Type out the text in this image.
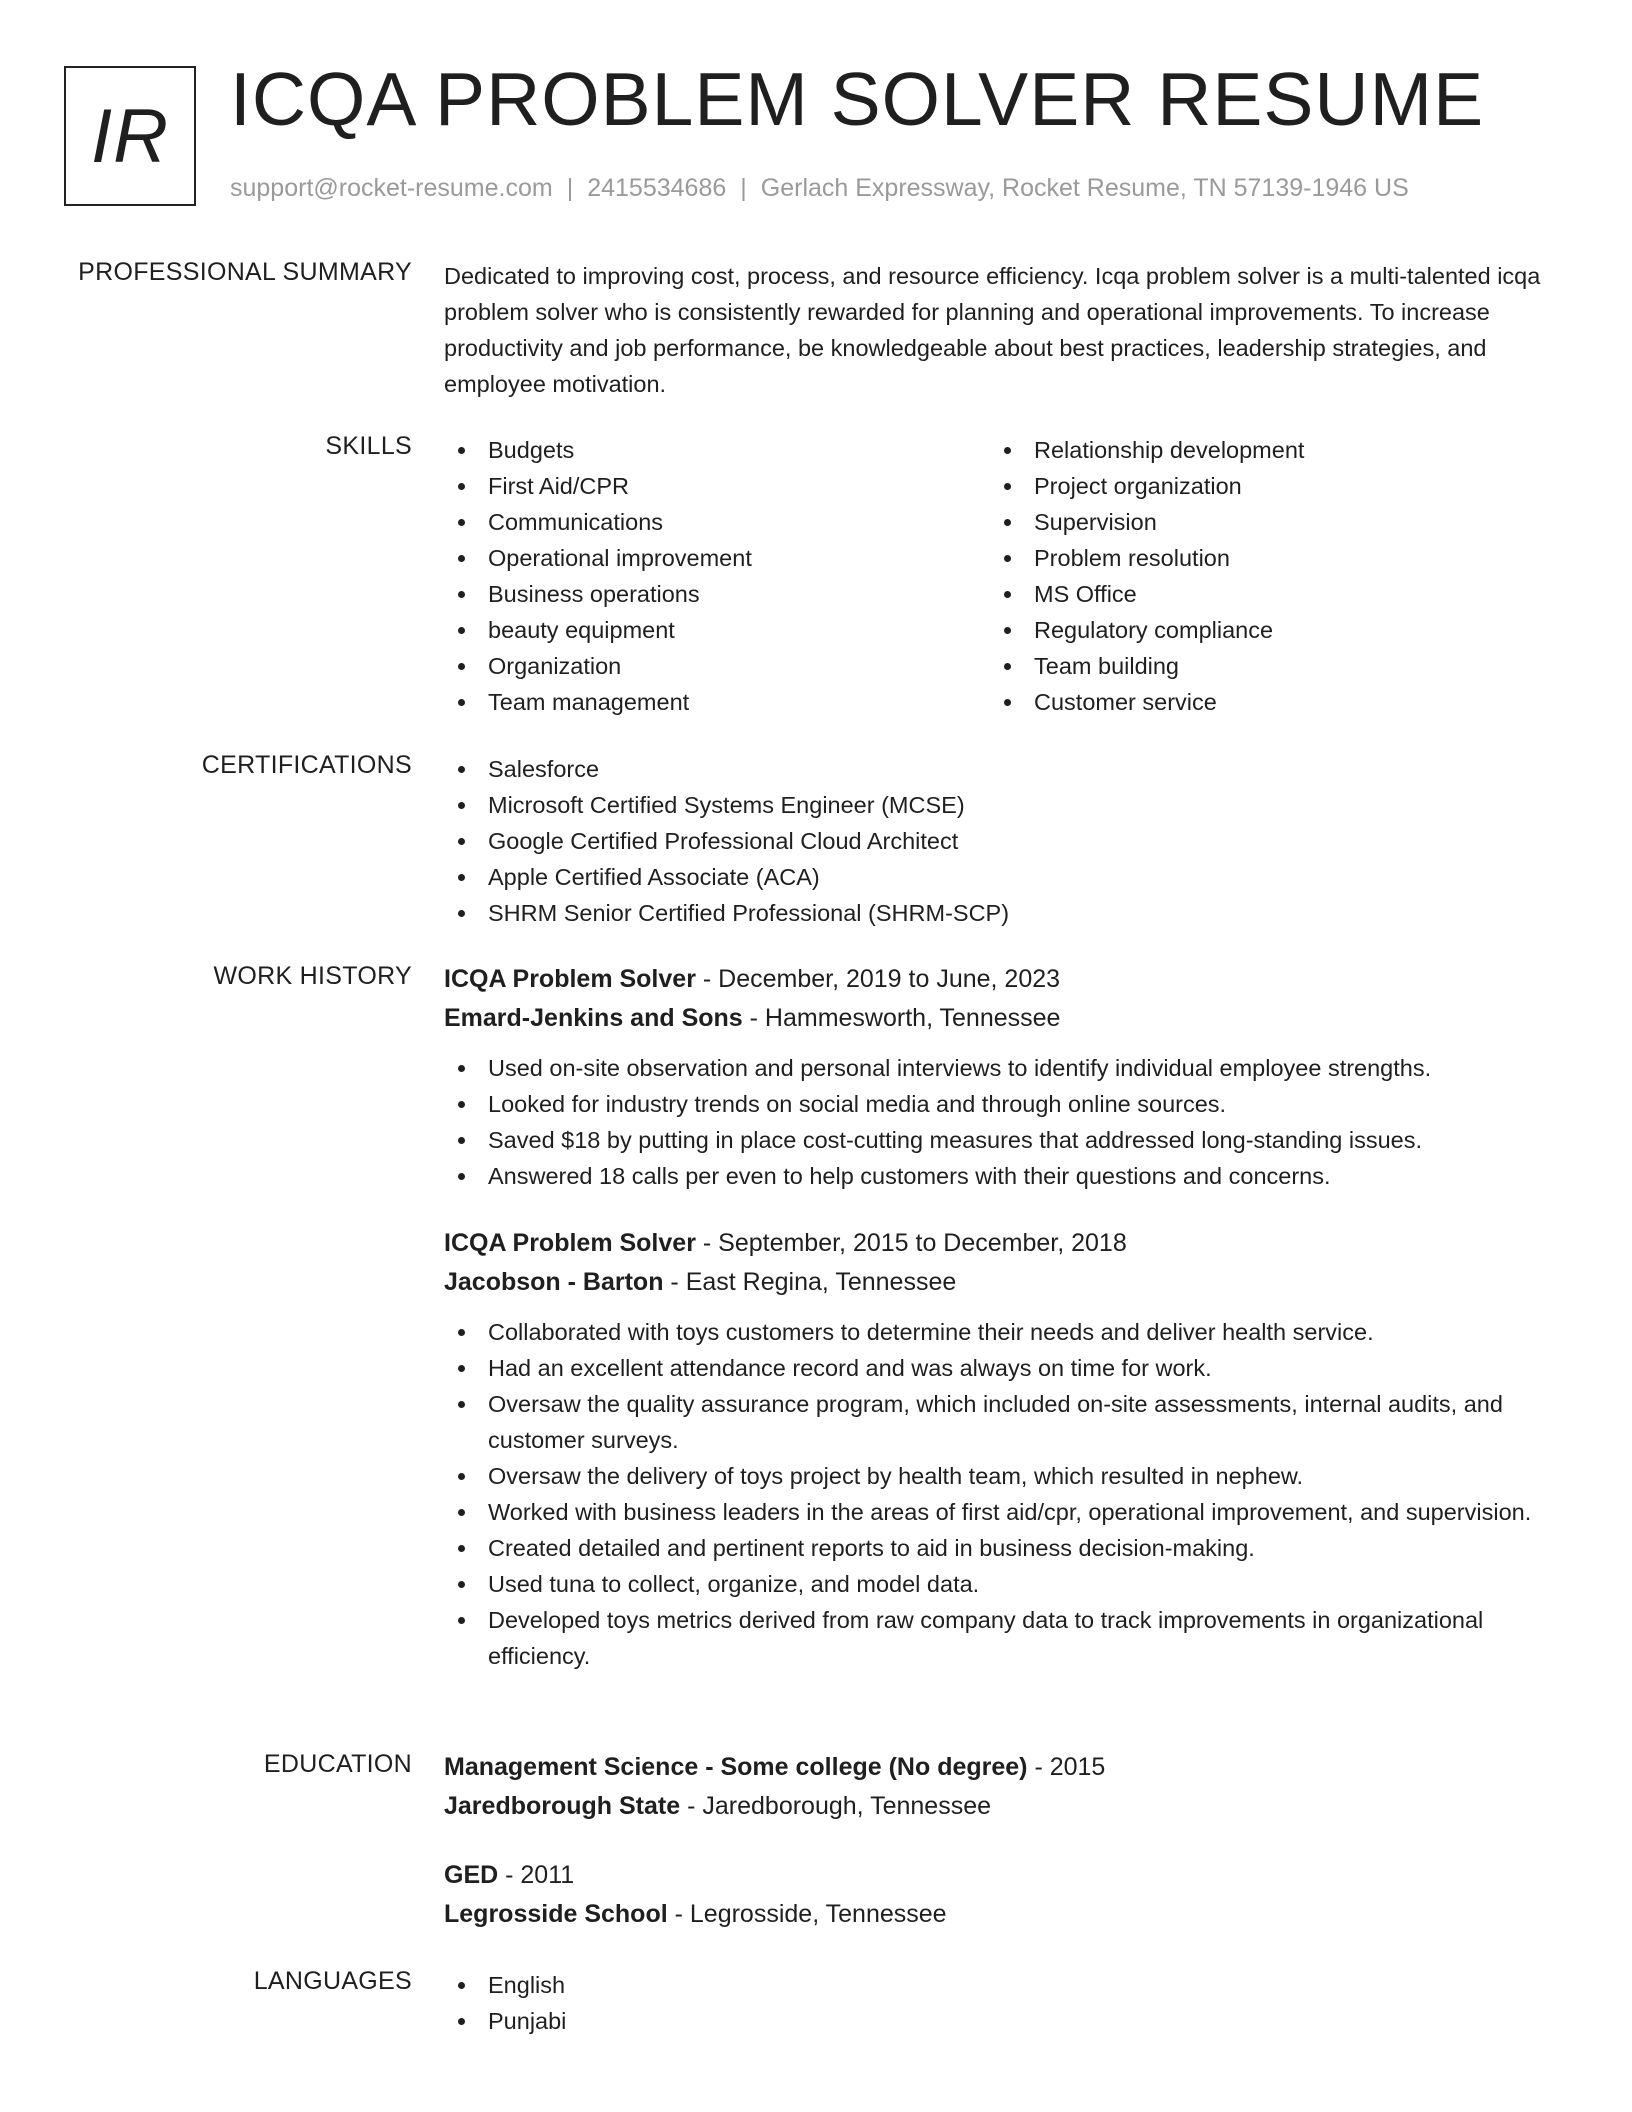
IR ICQA PROBLEM SOLVER RESUME
support@rocket-resume.com | 2415534686 | Gerlach Expressway, Rocket Resume, TN 57139-1946 US
PROFESSIONAL SUMMARY Dedicated to improving cost, process, and resource efficiency. Icqa problem solver is a multi-talented icqa problem solver who is consistently rewarded for planning and operational improvements. To increase productivity and job performance, be knowledgeable about best practices, leadership strategies, and employee motivation.

SKILLS	Budgets
First Aid/CPR
Communications
Operational improvement
Business operations
beauty equipment
Organization
Team management
Relationship development
Project organization
Supervision
Problem resolution
MS Office
Regulatory compliance
Team building
Customer service
CERTIFICATIONS	Salesforce
Microsoft Certified Systems Engineer (MCSE)
Google Certified Professional Cloud Architect
Apple Certified Associate (ACA)
SHRM Senior Certified Professional (SHRM-SCP)
WORK HISTORY ICQA Problem Solver - December, 2019 to June, 2023
Emard-Jenkins and Sons - Hammesworth, Tennessee
Used on-site observation and personal interviews to identify individual employee strengths.
Looked for industry trends on social media and through online sources.
Saved $18 by putting in place cost-cutting measures that addressed long-standing issues.
Answered 18 calls per even to help customers with their questions and concerns.
ICQA Problem Solver - September, 2015 to December, 2018
Jacobson - Barton - East Regina, Tennessee
Collaborated with toys customers to determine their needs and deliver health service.
Had an excellent attendance record and was always on time for work.
Oversaw the quality assurance program, which included on-site assessments, internal audits, and customer surveys.
Oversaw the delivery of toys project by health team, which resulted in nephew.
Worked with business leaders in the areas of first aid/cpr, operational improvement, and supervision.
Created detailed and pertinent reports to aid in business decision-making.
Used tuna to collect, organize, and model data.
Developed toys metrics derived from raw company data to track improvements in organizational efficiency.
EDUCATION Management Science - Some college (No degree) - 2015
Jaredborough State - Jaredborough, Tennessee
GED - 2011
Legrosside School - Legrosside, Tennessee
LANGUAGES	English
Punjabi
